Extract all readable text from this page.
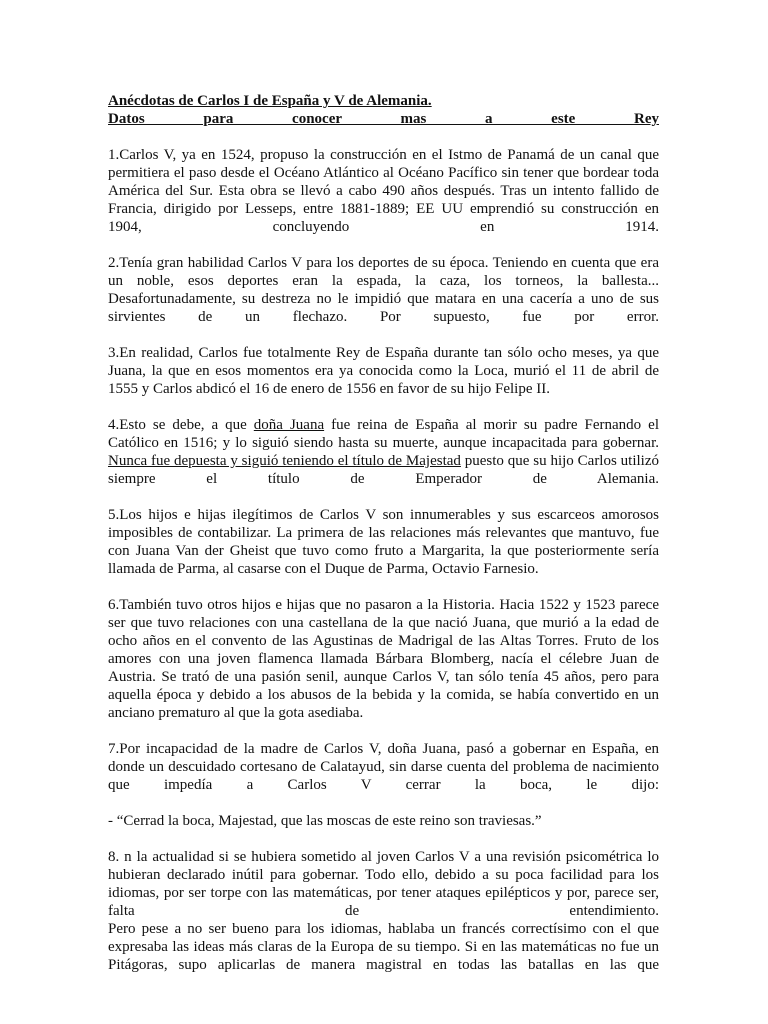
Anécdotas de Carlos I de España y V de Alemania.

Datos para conocer mas a este Rey

1.Carlos V, ya en 1524, propuso la construcción en el Istmo de Panamá de un canal que permitiera el paso desde el Océano Atlántico al Océano Pacífico sin tener que bordear toda América del Sur. Esta obra se llevó a cabo 490 años después. Tras un intento fallido de Francia, dirigido por Lesseps, entre 1881-1889; EE UU emprendió su construcción en 1904, concluyendo en 1914.

2.Tenía gran habilidad Carlos V para los deportes de su época. Teniendo en cuenta que era un noble, esos deportes eran la espada, la caza, los torneos, la ballesta... Desafortunadamente, su destreza no le impidió que matara en una cacería a uno de sus sirvientes de un flechazo. Por supuesto, fue por error.

3.En realidad, Carlos fue totalmente Rey de España durante tan sólo ocho meses, ya que Juana, la que en esos momentos era ya conocida como la Loca, murió el 11 de abril de 1555 y Carlos abdicó el 16 de enero de 1556 en favor de su hijo Felipe II.

4.Esto se debe, a que doña Juana fue reina de España al morir su padre Fernando el Católico en 1516; y lo siguió siendo hasta su muerte, aunque incapacitada para gobernar. Nunca fue depuesta y siguió teniendo el título de Majestad puesto que su hijo Carlos utilizó siempre el título de Emperador de Alemania.

5.Los hijos e hijas ilegítimos de Carlos V son innumerables y sus escarceos amorosos imposibles de contabilizar. La primera de las relaciones más relevantes que mantuvo, fue con Juana Van der Gheist que tuvo como fruto a Margarita, la que posteriormente sería llamada de Parma, al casarse con el Duque de Parma, Octavio Farnesio.

6.También tuvo otros hijos e hijas que no pasaron a la Historia. Hacia 1522 y 1523 parece ser que tuvo relaciones con una castellana de la que nació Juana, que murió a la edad de ocho años en el convento de las Agustinas de Madrigal de las Altas Torres. Fruto de los amores con una joven flamenca llamada Bárbara Blomberg, nacía el célebre Juan de Austria. Se trató de una pasión senil, aunque Carlos V, tan sólo tenía 45 años, pero para aquella época y debido a los abusos de la bebida y la comida, se había convertido en un anciano prematuro al que la gota asediaba.

7.Por incapacidad de la madre de Carlos V, doña Juana, pasó a gobernar en España, en donde un descuidado cortesano de Calatayud, sin darse cuenta del problema de nacimiento que impedía a Carlos V cerrar la boca, le dijo:

- “Cerrad la boca, Majestad, que las moscas de este reino son traviesas.”

8. n la actualidad si se hubiera sometido al joven Carlos V a una revisión psicométrica lo hubieran declarado inútil para gobernar. Todo ello, debido a su poca facilidad para los idiomas, por ser torpe con las matemáticas, por tener ataques epilépticos y por, parece ser, falta de entendimiento.

Pero pese a no ser bueno para los idiomas, hablaba un francés correctísimo con el que expresaba las ideas más claras de la Europa de su tiempo. Si en las matemáticas no fue un Pitágoras, supo aplicarlas de manera magistral en todas las batallas en las que
